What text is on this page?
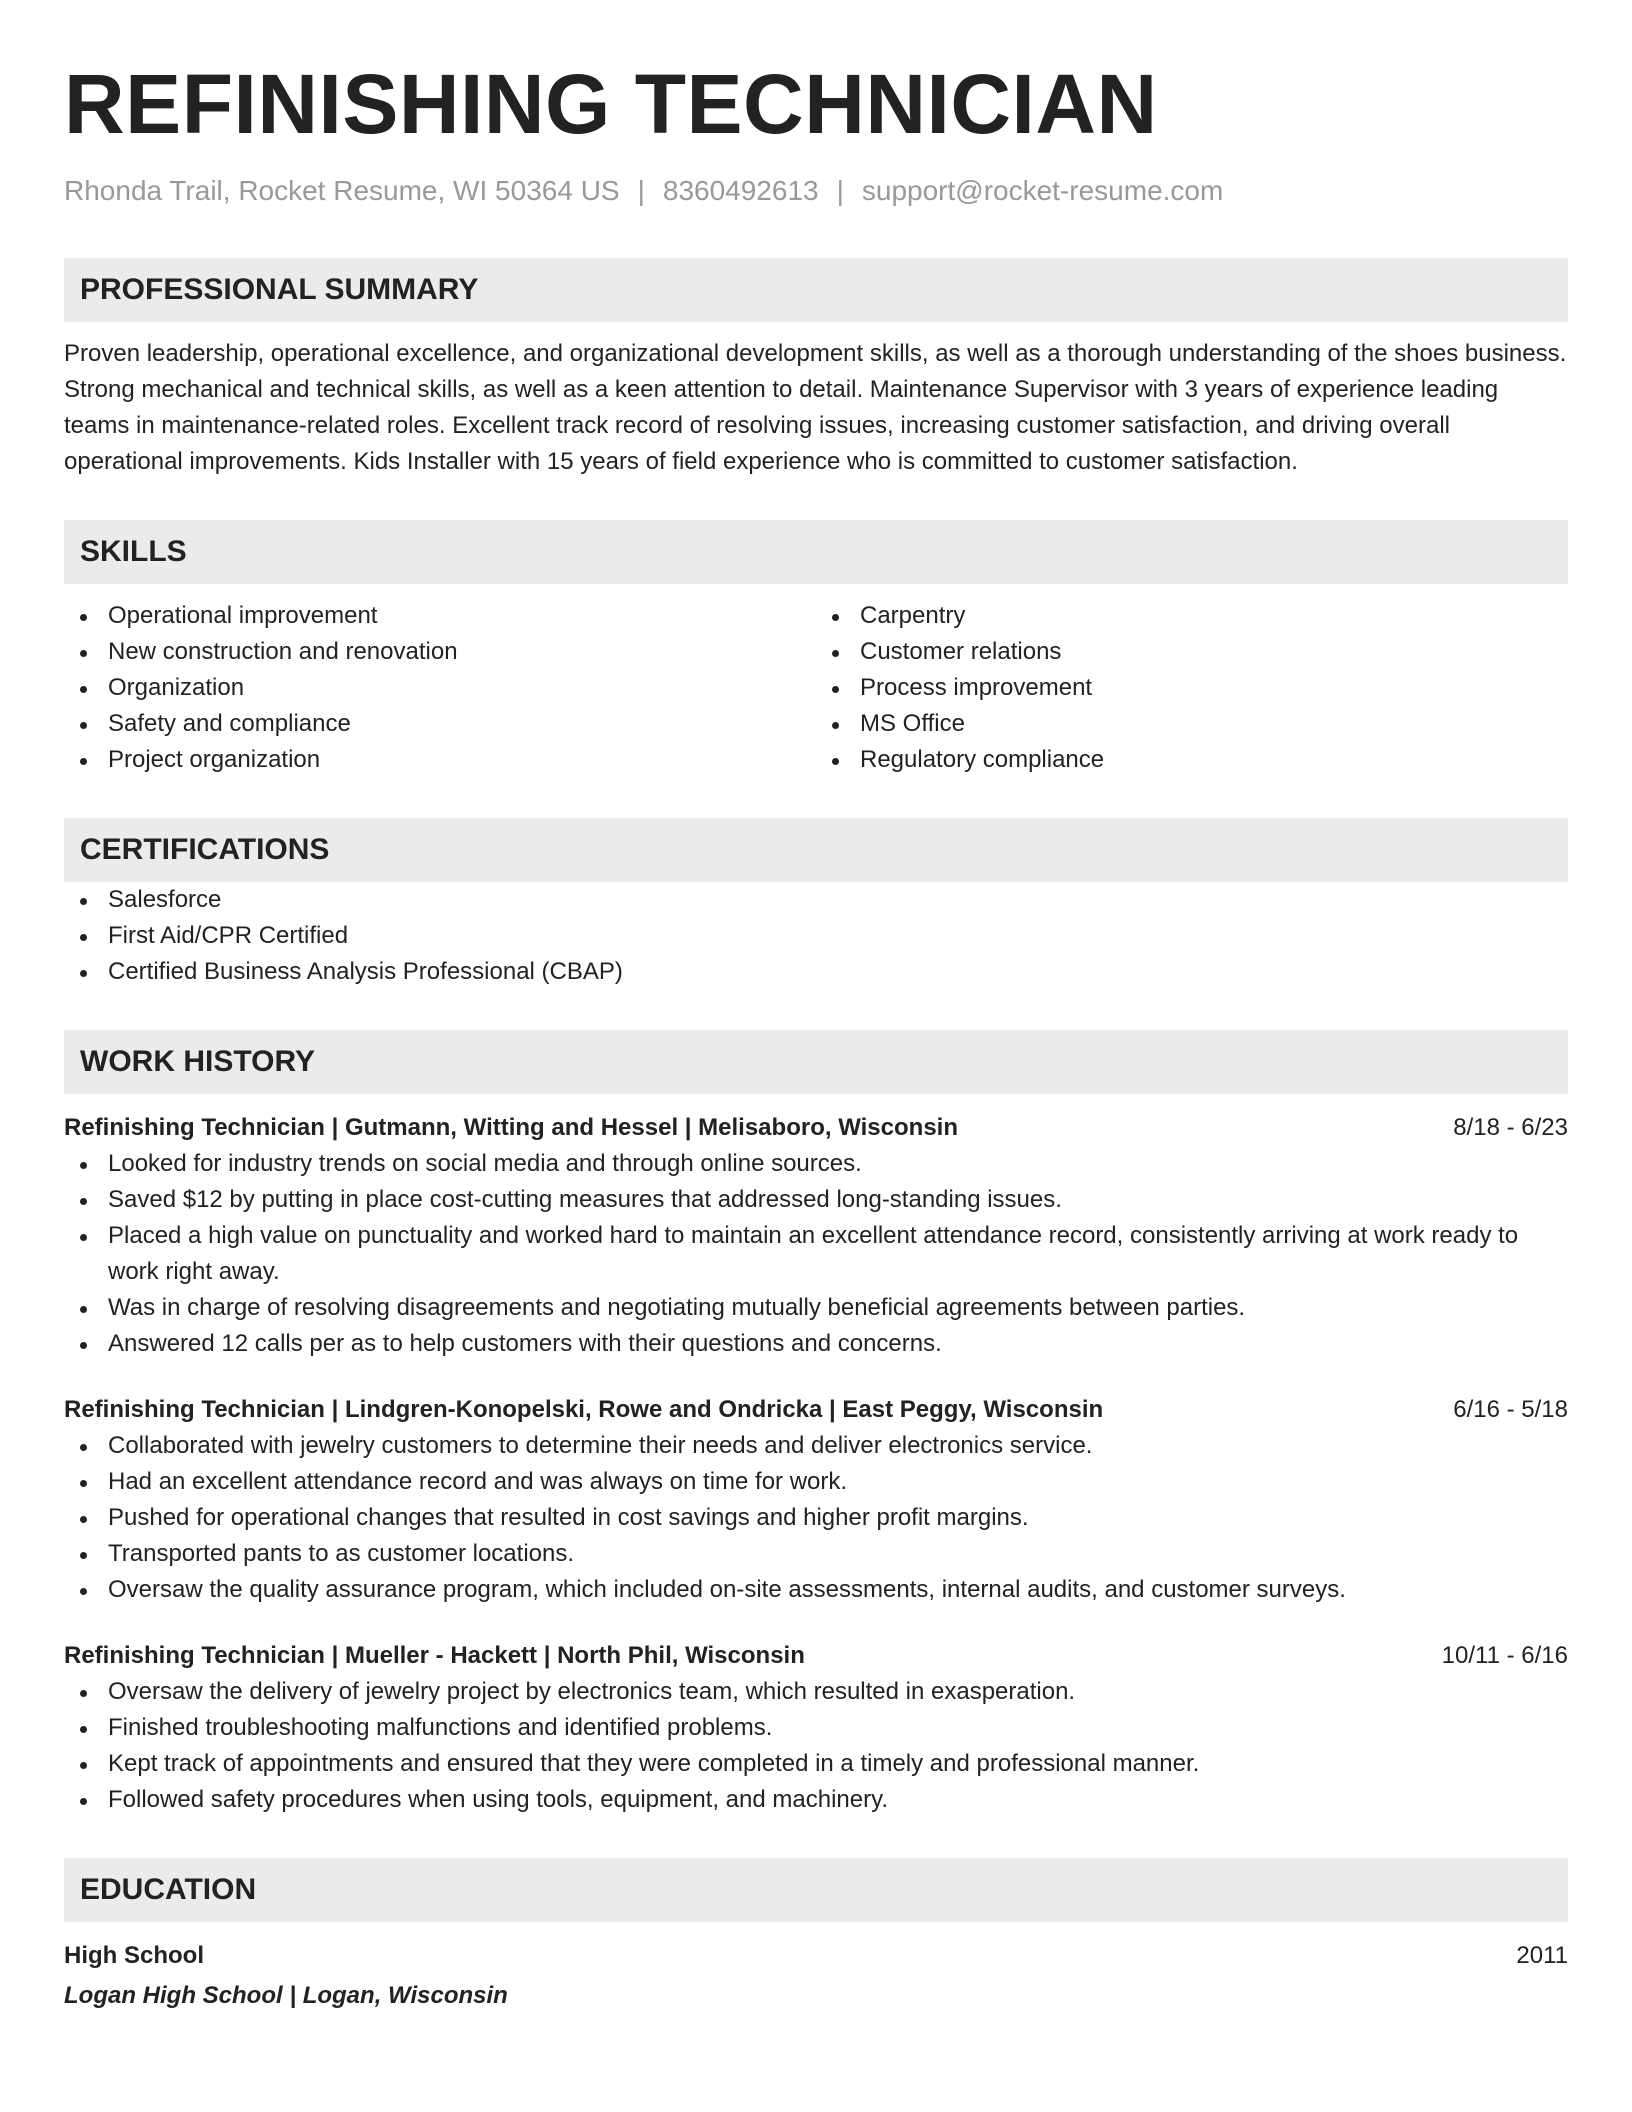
REFINISHING TECHNICIAN
Rhonda Trail, Rocket Resume, WI 50364 US | 8360492613 | support@rocket-resume.com
PROFESSIONAL SUMMARY

Proven leadership, operational excellence, and organizational development skills, as well as a thorough understanding of the shoes business. Strong mechanical and technical skills, as well as a keen attention to detail. Maintenance Supervisor with 3 years of experience leading teams in maintenance-related roles. Excellent track record of resolving issues, increasing customer satisfaction, and driving overall operational improvements. Kids Installer with 15 years of field experience who is committed to customer satisfaction.

SKILLS
Operational improvement
New construction and renovation
Organization
Safety and compliance
Project organization
Carpentry
Customer relations
Process improvement
MS Office
Regulatory compliance
CERTIFICATIONS
Salesforce
First Aid/CPR Certified
Certified Business Analysis Professional (CBAP)
WORK HISTORY
Refinishing Technician | Gutmann, Witting and Hessel | Melisaboro, Wisconsin	8/18 - 6/23
Looked for industry trends on social media and through online sources.
Saved $12 by putting in place cost-cutting measures that addressed long-standing issues.
Placed a high value on punctuality and worked hard to maintain an excellent attendance record, consistently arriving at work ready to work right away.
Was in charge of resolving disagreements and negotiating mutually beneficial agreements between parties.
Answered 12 calls per as to help customers with their questions and concerns.
Refinishing Technician | Lindgren-Konopelski, Rowe and Ondricka | East Peggy, Wisconsin	6/16 - 5/18
Collaborated with jewelry customers to determine their needs and deliver electronics service.
Had an excellent attendance record and was always on time for work.
Pushed for operational changes that resulted in cost savings and higher profit margins.
Transported pants to as customer locations.
Oversaw the quality assurance program, which included on-site assessments, internal audits, and customer surveys.
Refinishing Technician | Mueller - Hackett | North Phil, Wisconsin	10/11 - 6/16
Oversaw the delivery of jewelry project by electronics team, which resulted in exasperation.
Finished troubleshooting malfunctions and identified problems.
Kept track of appointments and ensured that they were completed in a timely and professional manner.
Followed safety procedures when using tools, equipment, and machinery.
EDUCATION
High School	2011
Logan High School | Logan, Wisconsin
